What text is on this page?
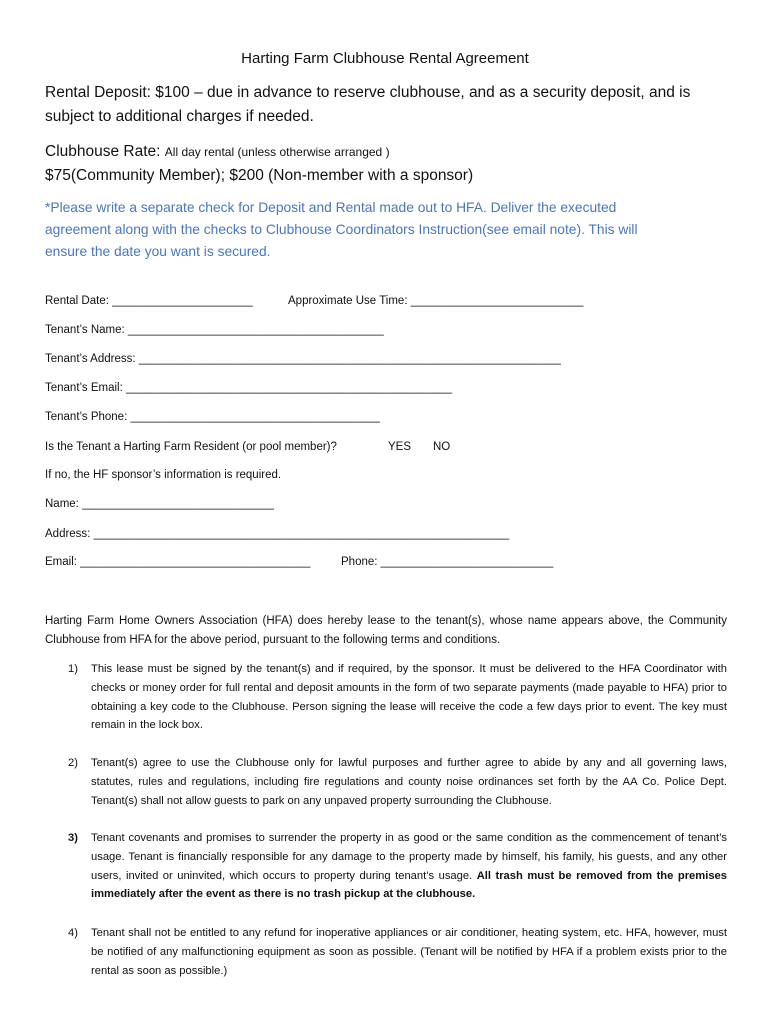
Harting Farm Clubhouse Rental Agreement
Rental Deposit: $100 – due in advance to reserve clubhouse, and as a security deposit, and is
subject to additional charges if needed.
Clubhouse Rate: All day rental (unless otherwise arranged )
$75(Community Member); $200 (Non-member with a sponsor)
*Please write a separate check for Deposit and Rental made out to HFA. Deliver the executed
agreement along with the checks to Clubhouse Coordinators Instruction(see email note). This will
ensure the date you want is secured.
Rental Date: ______________________	Approximate Use Time: ___________________________
Tenant’s Name: ________________________________________
Tenant’s Address: __________________________________________________________________
Tenant’s Email: ___________________________________________________
Tenant’s Phone: _______________________________________
Is the Tenant a Harting Farm Resident (or pool member)?	YES NO
If no, the HF sponsor’s information is required.
Name: ______________________________
Address: _________________________________________________________________
Email: ____________________________________	Phone: ___________________________
Harting Farm Home Owners Association (HFA) does hereby lease to the tenant(s), whose name appears above, the Community Clubhouse from HFA for the above period, pursuant to the following terms and conditions.
1)	This lease must be signed by the tenant(s) and if required, by the sponsor. It must be delivered to the HFA Coordinator with checks or money order for full rental and deposit amounts in the form of two separate payments (made payable to HFA) prior to obtaining a key code to the Clubhouse. Person signing the lease will receive the code a few days prior to event. The key must remain in the lock box.
2)	Tenant(s) agree to use the Clubhouse only for lawful purposes and further agree to abide by any and all governing laws, statutes, rules and regulations, including fire regulations and county noise ordinances set forth by the AA Co. Police Dept. Tenant(s) shall not allow guests to park on any unpaved property surrounding the Clubhouse.
3)	Tenant covenants and promises to surrender the property in as good or the same condition as the commencement of tenant’s usage. Tenant is financially responsible for any damage to the property made by himself, his family, his guests, and any other users, invited or uninvited, which occurs to property during tenant’s usage. All trash must be removed from the premises immediately after the event as there is no trash pickup at the clubhouse.
4)	Tenant shall not be entitled to any refund for inoperative appliances or air conditioner, heating system, etc. HFA, however, must be notified of any malfunctioning equipment as soon as possible. (Tenant will be notified by HFA if a problem exists prior to the rental as soon as possible.)
